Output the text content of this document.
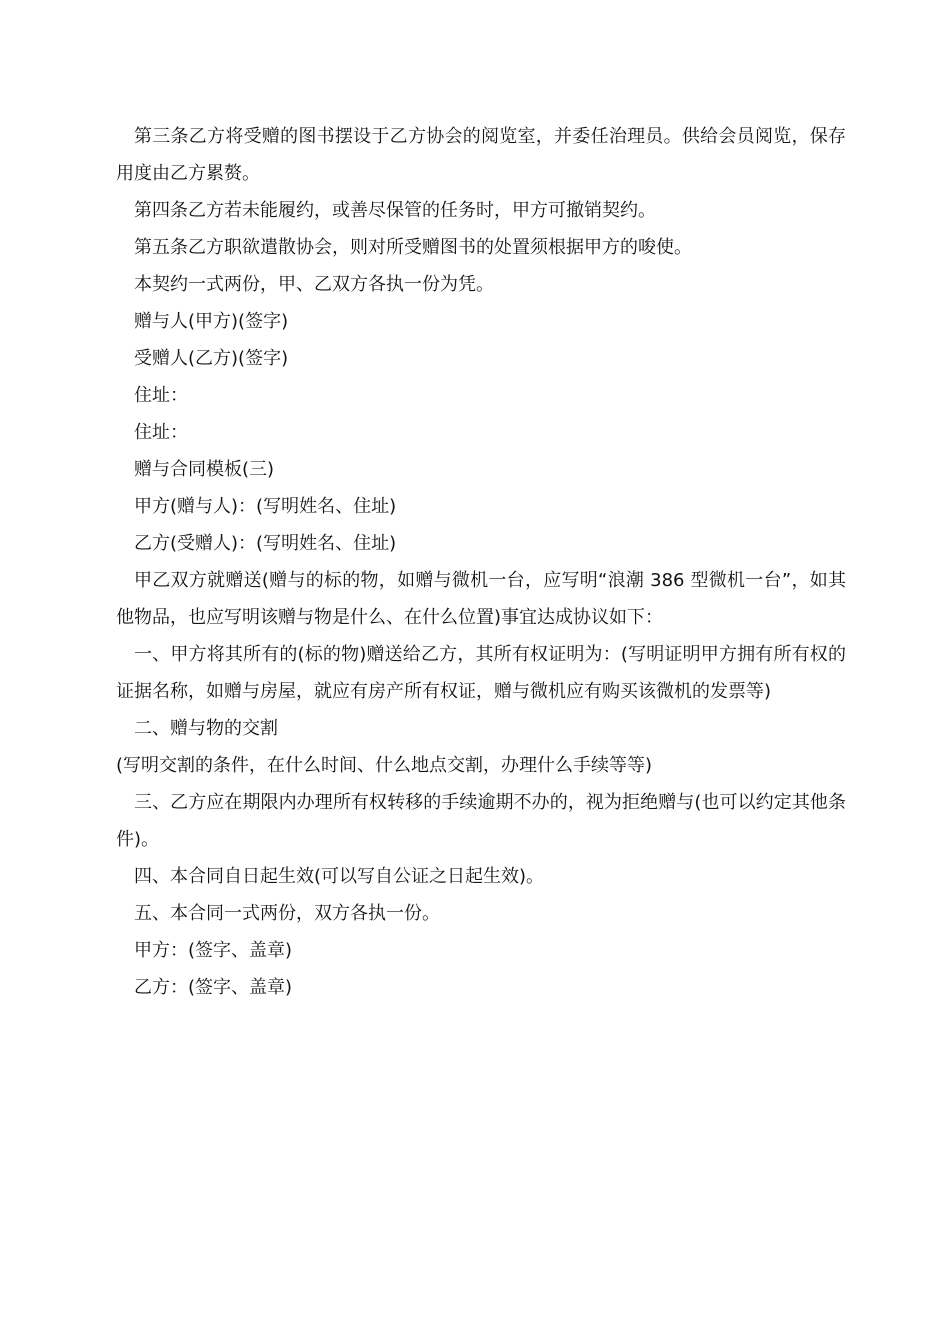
第三条乙方将受赠的图书摆设于乙方协会的阅览室，并委任治理员。供给会员阅览，保存用度由乙方累赘。

第四条乙方若未能履约，或善尽保管的任务时，甲方可撤销契约。

第五条乙方职欲遣散协会，则对所受赠图书的处置须根据甲方的唆使。

本契约一式两份，甲、乙双方各执一份为凭。

赠与人(甲方)(签字)

受赠人(乙方)(签字)

住址：

住址：

赠与合同模板(三)

甲方(赠与人)：(写明姓名、住址)

乙方(受赠人)：(写明姓名、住址)

甲乙双方就赠送(赠与的标的物，如赠与微机一台，应写明“浪潮 386 型微机一台”，如其他物品，也应写明该赠与物是什么、在什么位置)事宜达成协议如下：

一、甲方将其所有的(标的物)赠送给乙方，其所有权证明为：(写明证明甲方拥有所有权的证据名称，如赠与房屋，就应有房产所有权证，赠与微机应有购买该微机的发票等)

二、赠与物的交割

(写明交割的条件，在什么时间、什么地点交割，办理什么手续等等)

三、乙方应在期限内办理所有权转移的手续逾期不办的，视为拒绝赠与(也可以约定其他条件)。

四、本合同自日起生效(可以写自公证之日起生效)。

五、本合同一式两份，双方各执一份。

甲方：(签字、盖章)

乙方：(签字、盖章)
